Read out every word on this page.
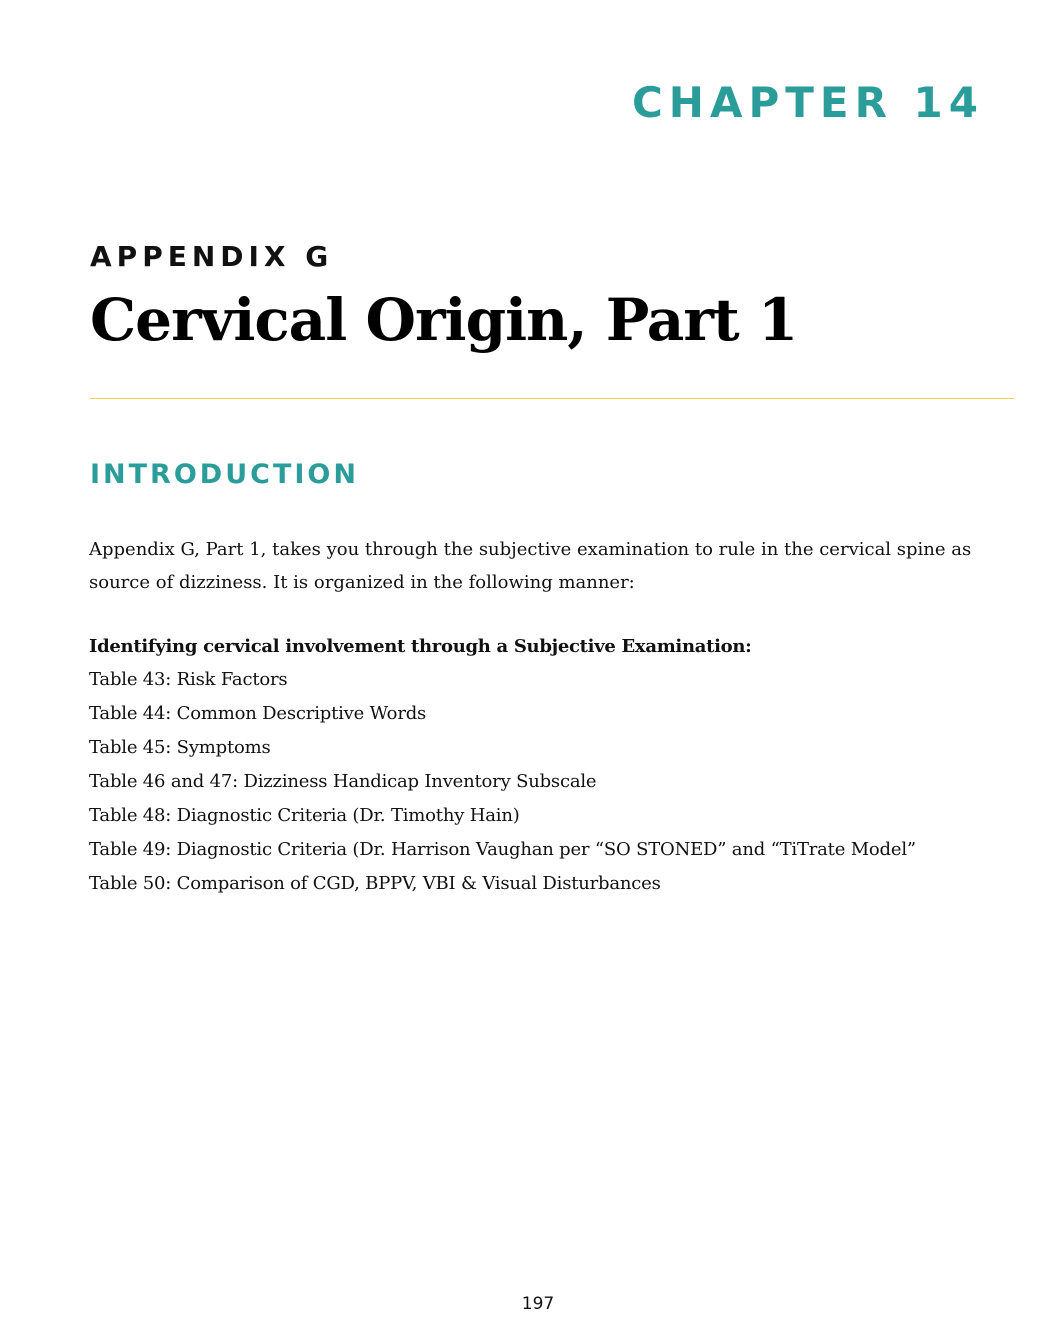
CHAPTER 14
APPENDIX G
Cervical Origin, Part 1
INTRODUCTION

Appendix G, Part 1, takes you through the subjective examination to rule in the cervical spine as source of dizziness. It is organized in the following manner:

Identifying cervical involvement through a Subjective Examination:
Table 43: Risk Factors
Table 44: Common Descriptive Words
Table 45: Symptoms
Table 46 and 47: Dizziness Handicap Inventory Subscale
Table 48: Diagnostic Criteria (Dr. Timothy Hain)
Table 49: Diagnostic Criteria (Dr. Harrison Vaughan per “SO STONED” and “TiTrate Model”
Table 50: Comparison of CGD, BPPV, VBI & Visual Disturbances
197
